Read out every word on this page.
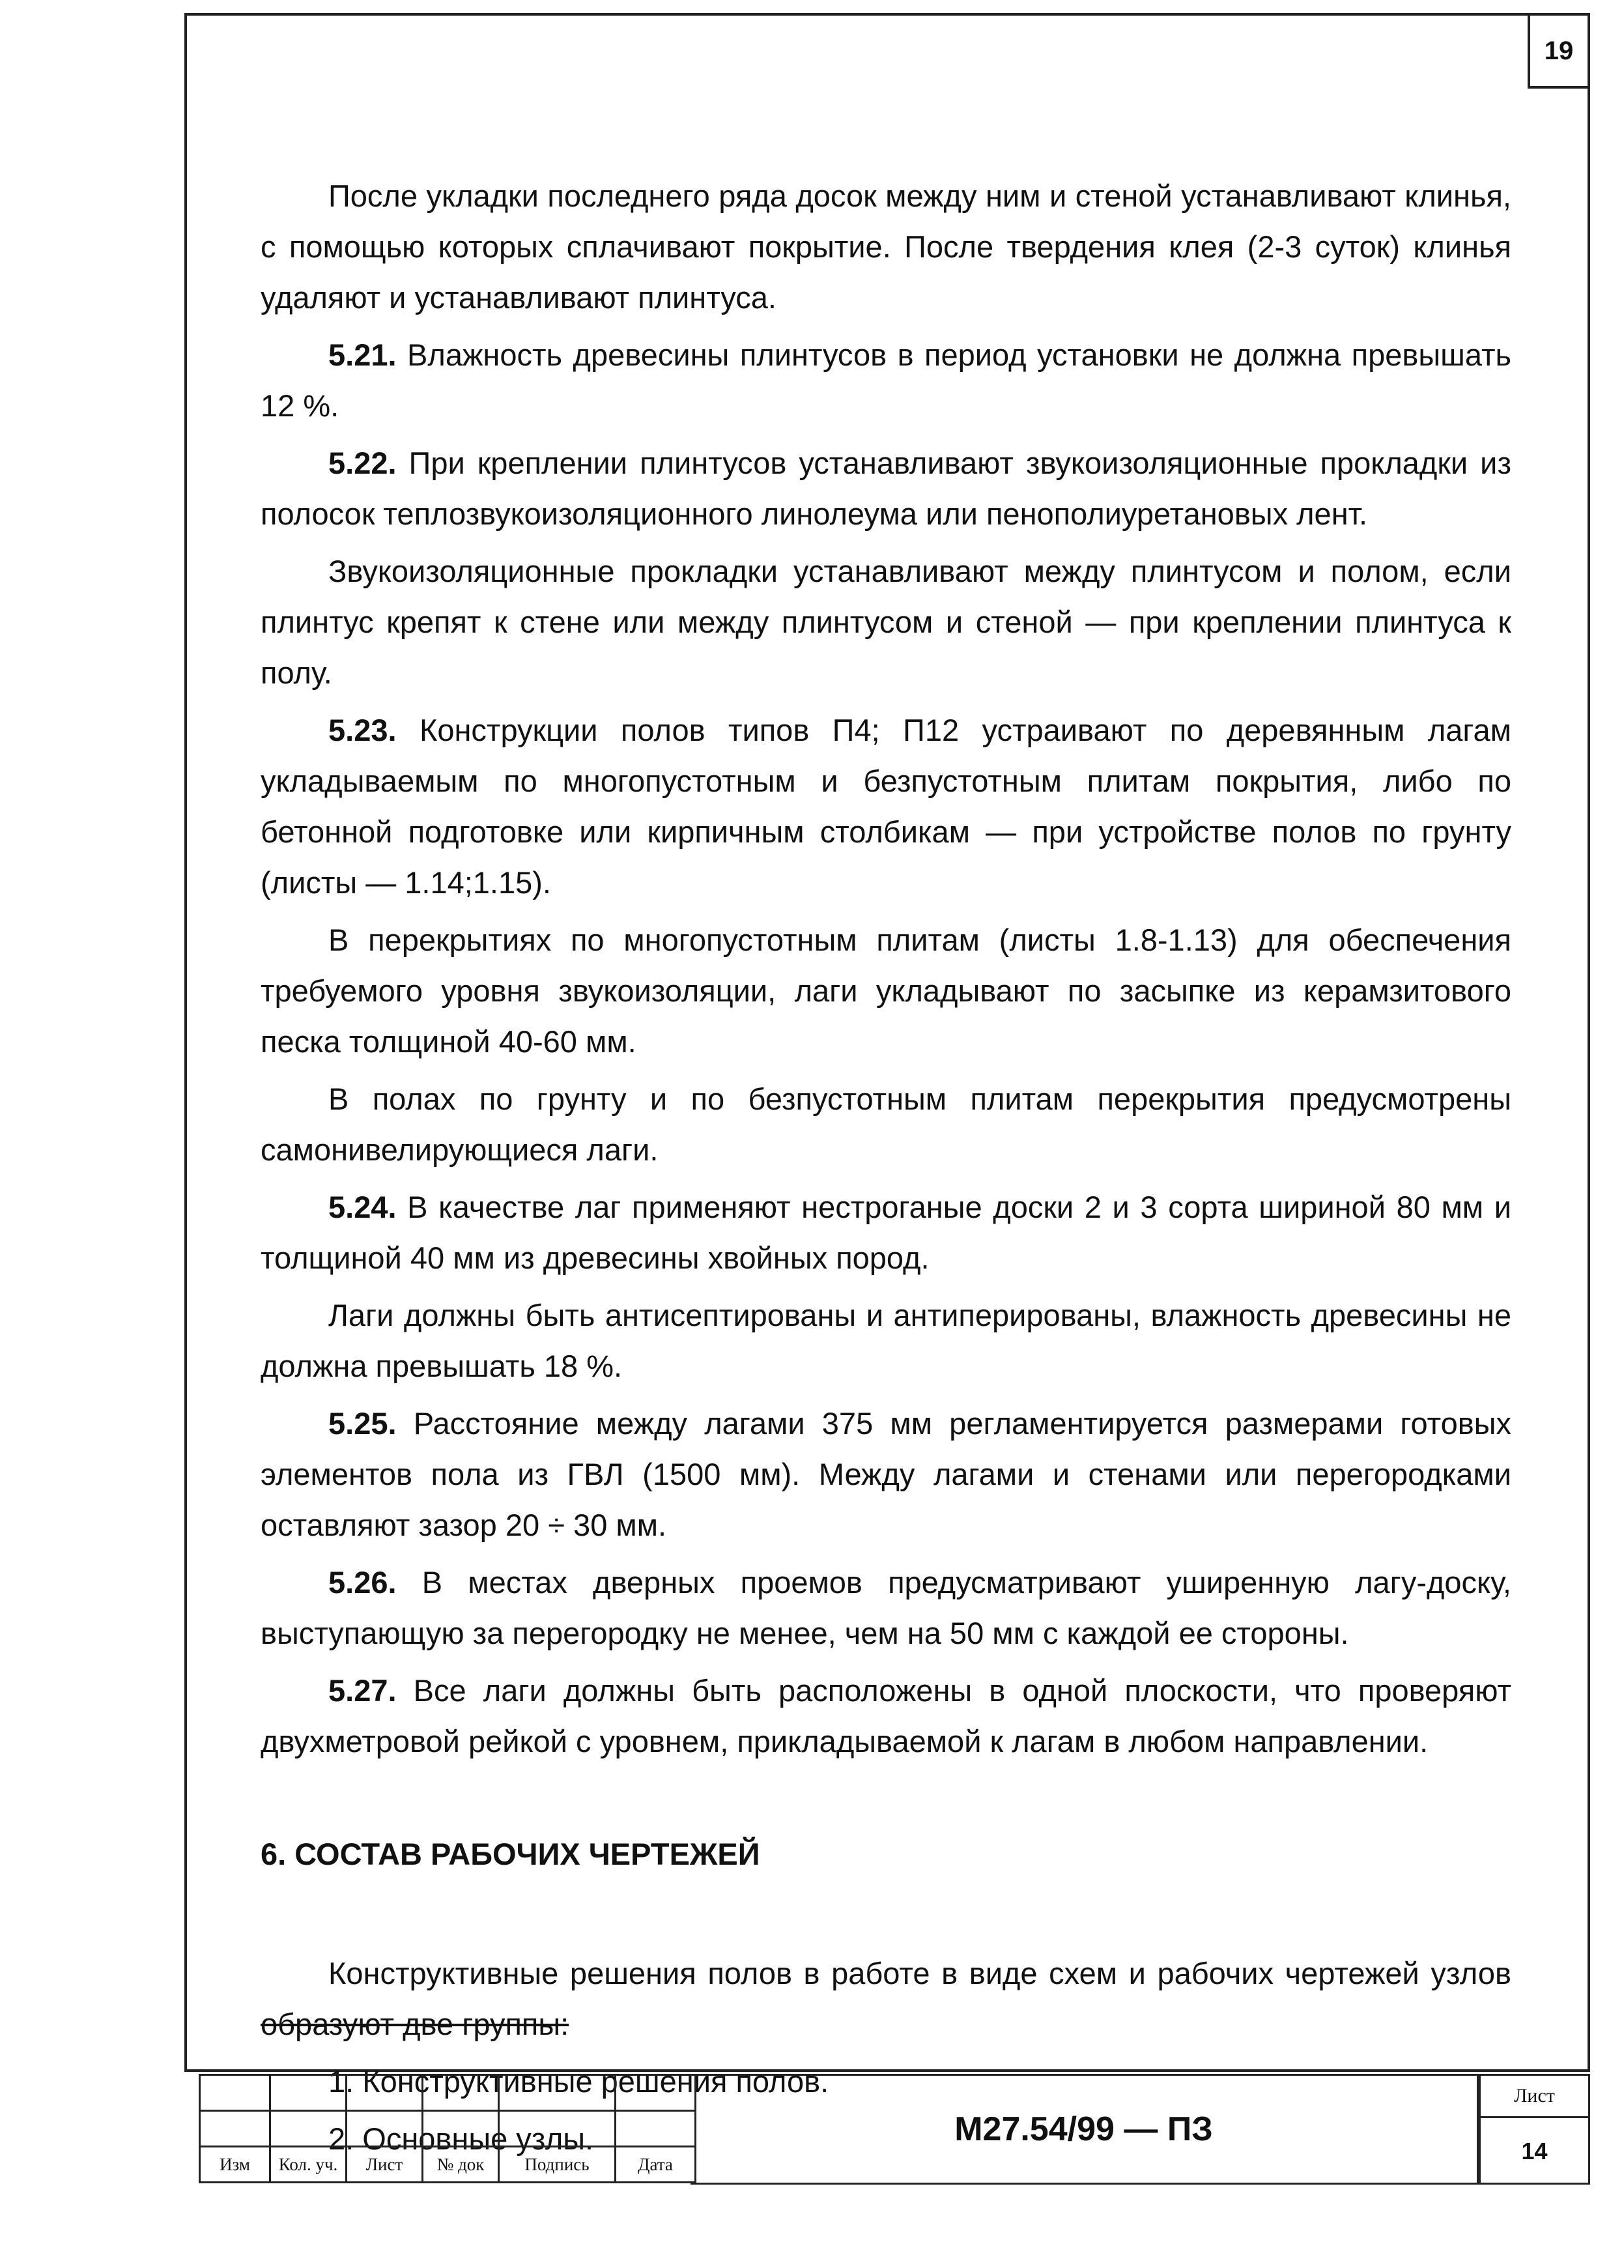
19

После укладки последнего ряда досок между ним и стеной устанавливают клинья, с помощью которых сплачивают покрытие. После твердения клея (2-3 суток) клинья удаляют и устанавливают плинтуса.

5.21. Влажность древесины плинтусов в период установки не должна превышать 12 %.

5.22. При креплении плинтусов устанавливают звукоизоляционные прокладки из полосок теплозвукоизоляционного линолеума или пенополиуретановых лент.

Звукоизоляционные прокладки устанавливают между плинтусом и полом, если плинтус крепят к стене или между плинтусом и стеной — при креплении плинтуса к полу.

5.23. Конструкции полов типов П4; П12 устраивают по деревянным лагам укладываемым по многопустотным и безпустотным плитам покрытия, либо по бетонной подготовке или кирпичным столбикам — при устройстве полов по грунту (листы — 1.14;1.15).

В перекрытиях по многопустотным плитам (листы 1.8-1.13) для обеспечения требуемого уровня звукоизоляции, лаги укладывают по засыпке из керамзитового песка толщиной 40-60 мм.

В полах по грунту и по безпустотным плитам перекрытия предусмотрены самонивелирующиеся лаги.

5.24. В качестве лаг применяют нестроганые доски 2 и 3 сорта шириной 80 мм и толщиной 40 мм из древесины хвойных пород.

Лаги должны быть антисептированы и антиперированы, влажность древесины не должна превышать 18 %.

5.25. Расстояние между лагами 375 мм регламентируется размерами готовых элементов пола из ГВЛ (1500 мм). Между лагами и стенами или перегородками оставляют зазор 20 ÷ 30 мм.

5.26. В местах дверных проемов предусматривают уширенную лагу-доску, выступающую за перегородку не менее, чем на 50 мм с каждой ее стороны.

5.27. Все лаги должны быть расположены в одной плоскости, что проверяют двухметровой рейкой с уровнем, прикладываемой к лагам в любом направлении.

6. СОСТАВ РАБОЧИХ ЧЕРТЕЖЕЙ

Конструктивные решения полов в работе в виде схем и рабочих чертежей узлов образуют две группы:

1. Конструктивные решения полов.

2. Основные узлы.

Изм	Кол. уч.	Лист	№ док	Подпись	Дата
М27.54/99 — ПЗ
Лист
14
